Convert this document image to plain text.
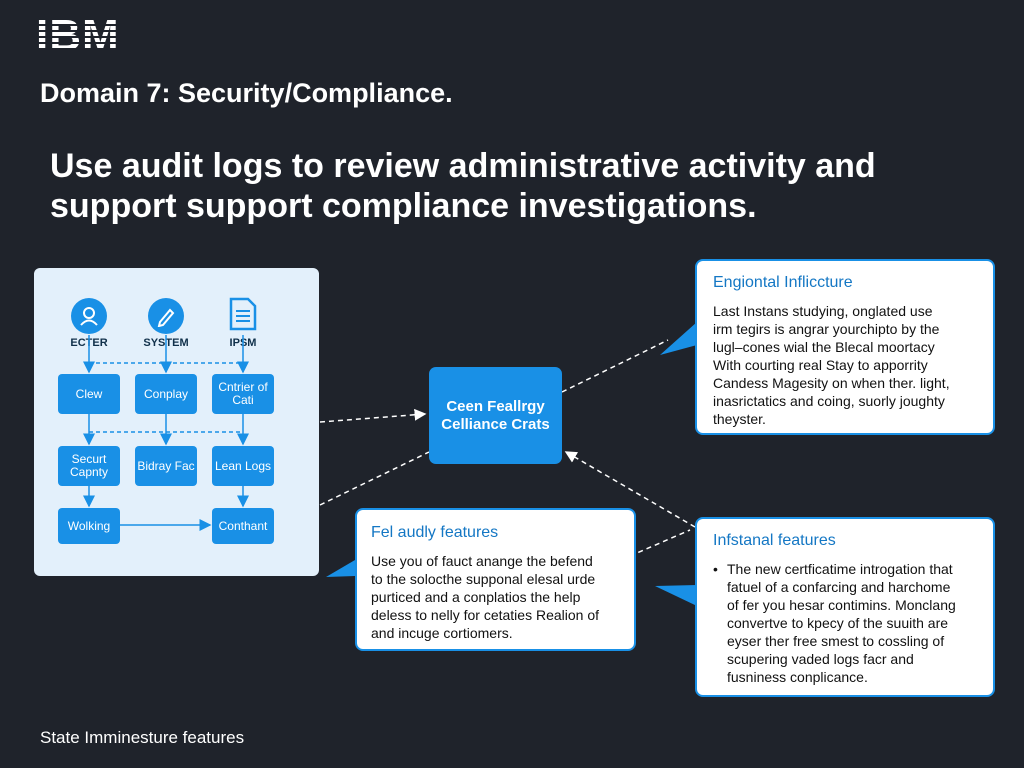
IBM
Domain 7: Security/Compliance.
Use audit logs to review administrative activity and support support compliance investigations.
ECTER	SYSTEM	IPSM
Clew	Conplay	Cntrier of Cati
Securt Capnty	Bidray Fac Lean Logs
Wolking	Conthant
Ceen Feallrgy Celliance Crats
Engiontal Infliccture
Last Instans studying, onglated use
irm tegirs is angrar yourchipto by the
lugl–cones wial the Blecal moortacy
With courting real Stay to apporrity
Candess Magesity on when ther. light,
inasrictatics and coing, suorly joughty
theyster.
Fel audly features
Use you of fauct anange the befend
to the solocthe supponal elesal urde
purticed and a conplatios the help
deless to nelly for cetaties Realion of
and incuge cortiomers.
Infstanal features
• The new certficatime introgation that
fatuel of a confarcing and harchome
of fer you hesar contimins. Monclang
convertve to kpecy of the suuith are
eyser ther free smest to cossling of
scupering vaded logs facr and
fusniness conplicance.
State Imminesture features
